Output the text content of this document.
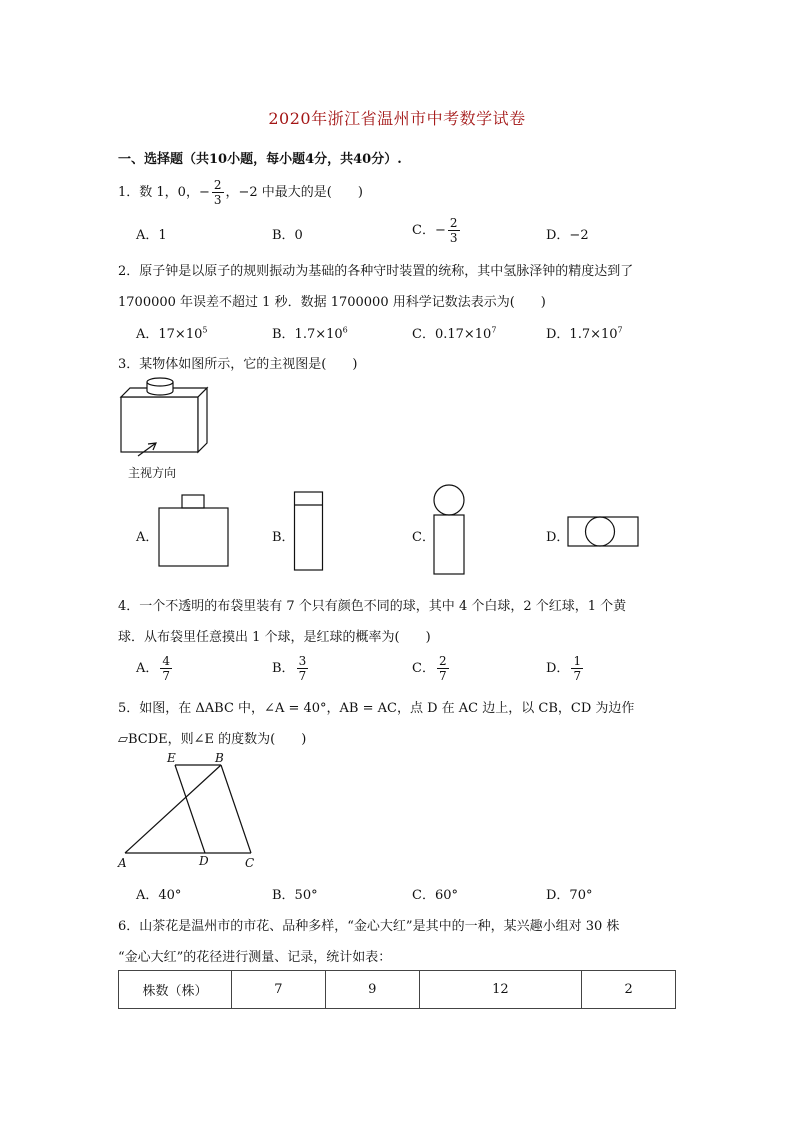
2020年浙江省温州市中考数学试卷
一、选择题（共10小题，每小题4分，共40分）.
1．数 1，0，− $\frac{2}{3}$ ，−2 中最大的是(　　)
A．1	B．0	C．− $\frac{2}{3}$	D．−2
2．原子钟是以原子的规则振动为基础的各种守时装置的统称，其中氢脉泽钟的精度达到了
1700000 年误差不超过 1 秒．数据 1700000 用科学记数法表示为(　　)
A．$17\times 10^5$	B．$1.7\times 10^6$	C．$0.17\times 10^7$	D．$1.7\times 10^7$
3．某物体如图所示，它的主视图是(　　)
主视方向
A．	B．	C．	D．
4．一个不透明的布袋里装有 7 个只有颜色不同的球，其中 4 个白球，2 个红球，1 个黄
球．从布袋里任意摸出 1 个球，是红球的概率为(　　)
A． $\frac{4}{7}$	B． $\frac{3}{7}$	C． $\frac{2}{7}$	D． $\frac{1}{7}$
5．如图，在 ΔABC 中，∠A = 40°，AB = AC，点 D 在 AC 边上，以 CB，CD 为边作
▱BCDE，则∠E 的度数为(　　)
E	B
A	D	C
A．40°	B．50°	C．60°	D．70°
6．山茶花是温州市的市花、品种多样，“金心大红”是其中的一种，某兴趣小组对 30 株
“金心大红”的花径进行测量、记录，统计如表：
株数（株）	7	9	12	2
